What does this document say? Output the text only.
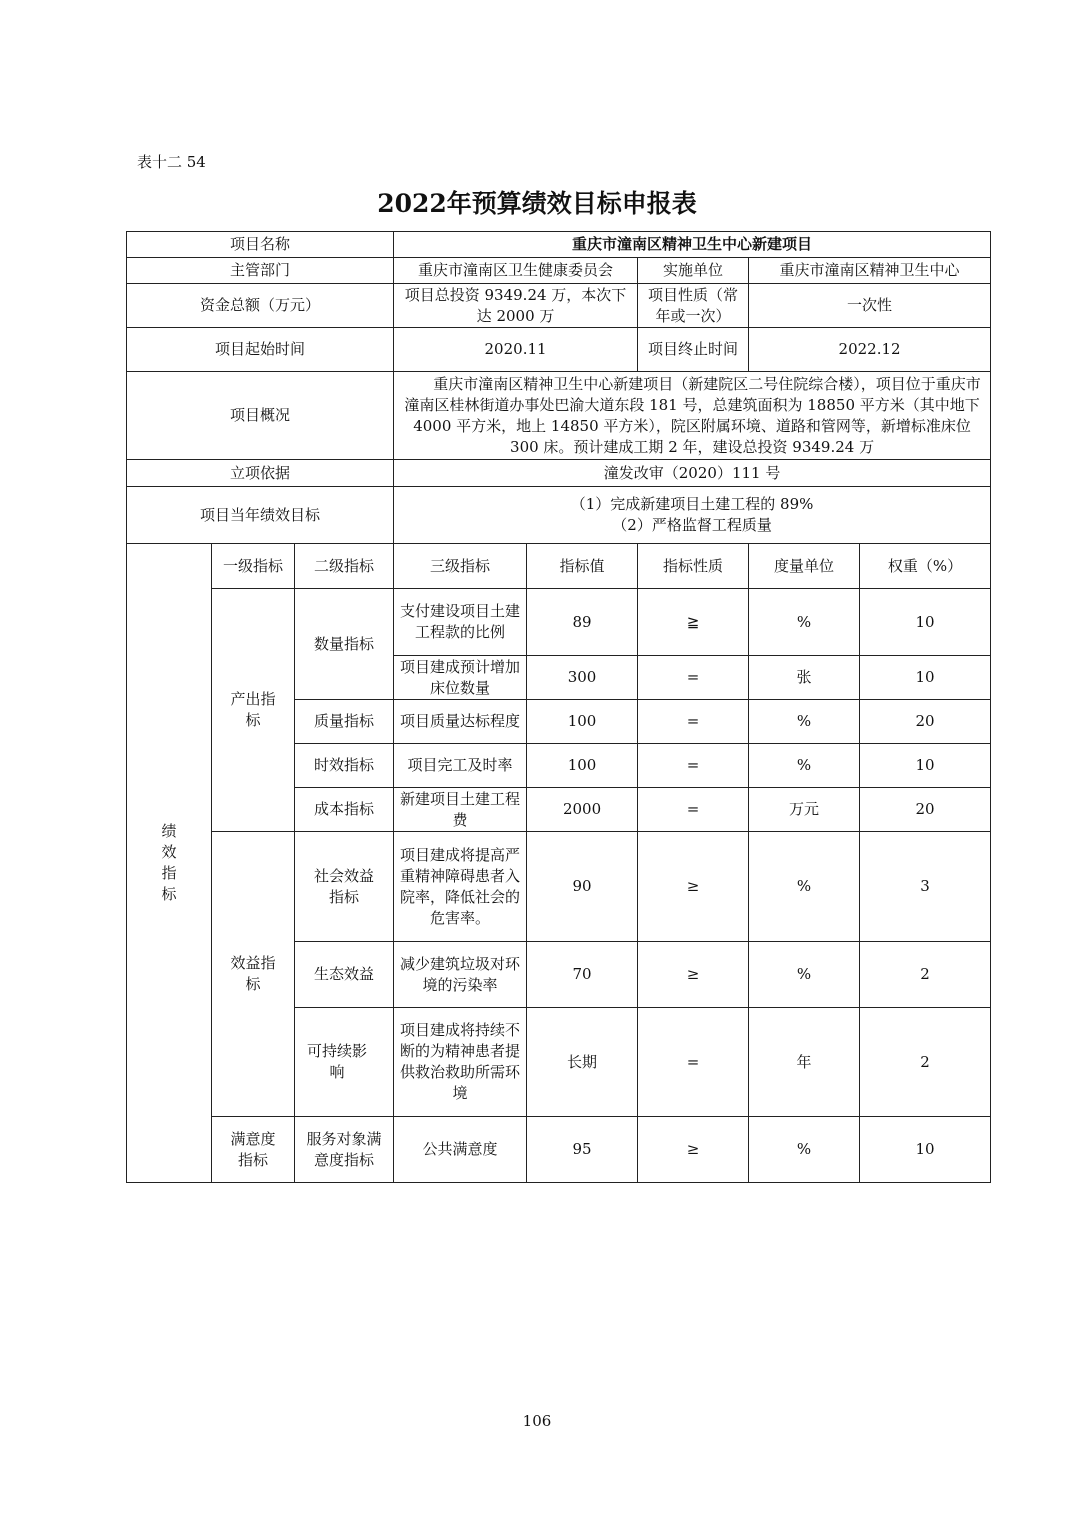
表十二 54
2022年预算绩效目标申报表
项目名称			重庆市潼南区精神卫生中心新建项目				
主管部门			重庆市潼南区卫生健康委员会		实施单位	重庆市潼南区精神卫生中心	
资金总额（万元）			项目总投资 9349.24 万，本次下达 2000 万		项目性质（常年或一次）	一次性	
项目起始时间			2020.11		项目终止时间	2022.12	
项目概况			重庆市潼南区精神卫生中心新建项目（新建院区二号住院综合楼），项目位于重庆市潼南区桂林街道办事处巴渝大道东段 181 号，总建筑面积为 18850 平方米（其中地下 4000 平方米，地上 14850 平方米），院区附属环境、道路和管网等，新增标准床位 300 床。预计建成工期 2 年，建设总投资 9349.24 万				
立项依据			潼发改审（2020）111 号				
项目当年绩效目标			（1）完成新建项目土建工程的 89%
（2）严格监督工程质量				

绩效指标	一级指标	二级指标	三级指标	指标值	指标性质	度量单位	权重（%）
	产出指标	数量指标	支付建设项目土建工程款的比例	89	≧	%	10
			项目建成预计增加床位数量	300	=	张	10
		质量指标	项目质量达标程度	100	=	%	20
		时效指标	项目完工及时率	100	=	%	10
		成本指标	新建项目土建工程费	2000	=	万元	20
	效益指标	社会效益指标	项目建成将提高严重精神障碍患者入院率，降低社会的危害率。	90	≥	%	3
		生态效益	减少建筑垃圾对环境的污染率	70	≥	%	2
		可持续影响	项目建成将持续不断的为精神患者提供救治救助所需环境	长期	=	年	2
	满意度指标	服务对象满意度指标	公共满意度	95	≥	%	10
106
